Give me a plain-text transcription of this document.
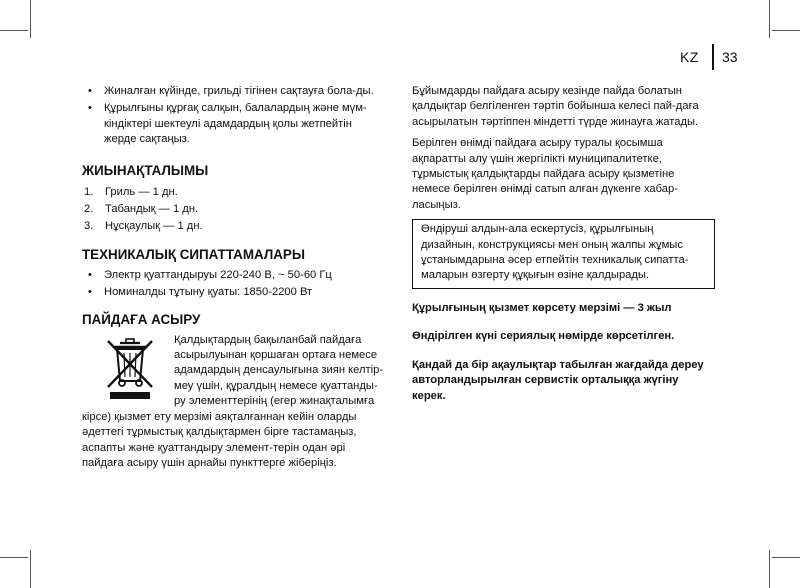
KZ 33
• Жиналған күйінде, грильді тігінен сақтауға бола-ды.
• Құрылғыны құрғақ салқын, балалардың және мүм-кіндіктері шектеулі адамдардың қолы жетпейтін жерде сақтаңыз.
ЖИЫНАҚТАЛЫМЫ
1. Гриль — 1 дн.
2. Табандық — 1 дн.
3. Нұсқаулық — 1 дн.
ТЕХНИКАЛЫҚ СИПАТТАМАЛАРЫ
• Электр қуаттандыруы 220-240 В, ~ 50-60 Гц
• Номиналды тұтыну қуаты: 1850-2200 Вт
ПАЙДАҒА АСЫРУ

Қалдықтардың бақыланбай пайдаға асырылуынан қоршаған ортаға немесе адамдардың денсаулығына зиян келтір-меу үшін, құралдың немесе қуаттанды-ру элементтерінің (егер жинақталымға кірсе) қызмет ету мерзімі аяқталғаннан кейін оларды әдеттегі тұрмыстық қалдықтармен бірге тастамаңыз, аспапты және қуаттандыру элемент-терін одан әрі пайдаға асыру үшін арнайы пункттерге жіберіңіз.

Бұйымдарды пайдаға асыру кезінде пайда болатын қалдықтар белгіленген тәртіп бойынша келесі пай-даға асырылатын тәртіппен міндетті түрде жинауға жатады.

Берілген өнімді пайдаға асыру туралы қосымша ақпаратты алу үшін жергілікті муниципалитетке, тұрмыстық қалдықтарды пайдаға асыру қызметіне немесе берілген өнімді сатып алған дүкенге хабар-ласыңыз.

Өндіруші алдын-ала ескертусіз, құрылғының дизайнын, конструкциясы мен оның жалпы жұмыс ұстанымдарына әсер етпейтін техникалық сипатта-маларын өзгерту құқығын өзіне қалдырады.

Құрылғының қызмет көрсету мерзімі — 3 жыл

Өндірілген күні сериялық нөмірде көрсетілген.

Қандай да бір ақаулықтар табылған жағдайда дереу авторландырылған сервистік орталыққа жүгіну керек.
